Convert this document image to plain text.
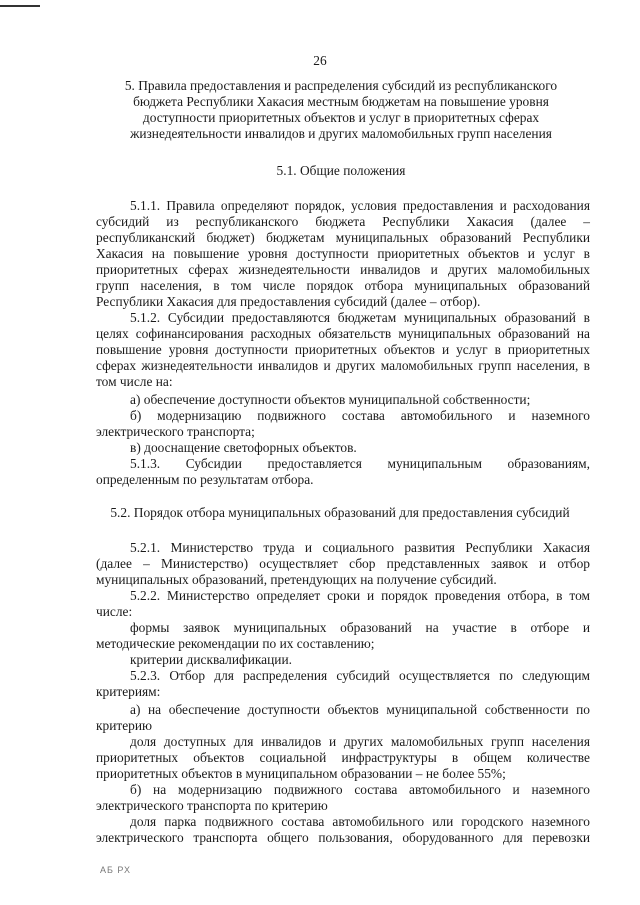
26
5. Правила предоставления и распределения субсидий из республиканского
бюджета Республики Хакасия местным бюджетам на повышение уровня
доступности приоритетных объектов и услуг в приоритетных сферах
жизнедеятельности инвалидов и других маломобильных групп населения
5.1. Общие положения
5.1.1. Правила определяют порядок, условия предоставления и расходования
субсидий из республиканского бюджета Республики Хакасия (далее –
республиканский бюджет) бюджетам муниципальных образований Республики
Хакасия на повышение уровня доступности приоритетных объектов и услуг в
приоритетных сферах жизнедеятельности инвалидов и других маломобильных
групп населения, в том числе порядок отбора муниципальных образований
Республики Хакасия для предоставления субсидий (далее – отбор).
5.1.2. Субсидии предоставляются бюджетам муниципальных образований в
целях софинансирования расходных обязательств муниципальных образований на
повышение уровня доступности приоритетных объектов и услуг в приоритетных
сферах жизнедеятельности инвалидов и других маломобильных групп населения, в
том числе на:
а) обеспечение доступности объектов муниципальной собственности;
б) модернизацию подвижного состава автомобильного и наземного
электрического транспорта;
в) дооснащение светофорных объектов.
5.1.3. Субсидии предоставляется муниципальным образованиям,
определенным по результатам отбора.
5.2. Порядок отбора муниципальных образований для предоставления субсидий
5.2.1. Министерство труда и социального развития Республики Хакасия
(далее – Министерство) осуществляет сбор представленных заявок и отбор
муниципальных образований, претендующих на получение субсидий.
5.2.2. Министерство определяет сроки и порядок проведения отбора, в том
числе:
формы заявок муниципальных образований на участие в отборе и
методические рекомендации по их составлению;
критерии дисквалификации.
5.2.3. Отбор для распределения субсидий осуществляется по следующим
критериям:
а) на обеспечение доступности объектов муниципальной собственности по
критерию
доля доступных для инвалидов и других маломобильных групп населения
приоритетных объектов социальной инфраструктуры в общем количестве
приоритетных объектов в муниципальном образовании – не более 55%;
б) на модернизацию подвижного состава автомобильного и наземного
электрического транспорта по критерию
доля парка подвижного состава автомобильного или городского наземного
электрического транспорта общего пользования, оборудованного для перевозки
АБ РХ
